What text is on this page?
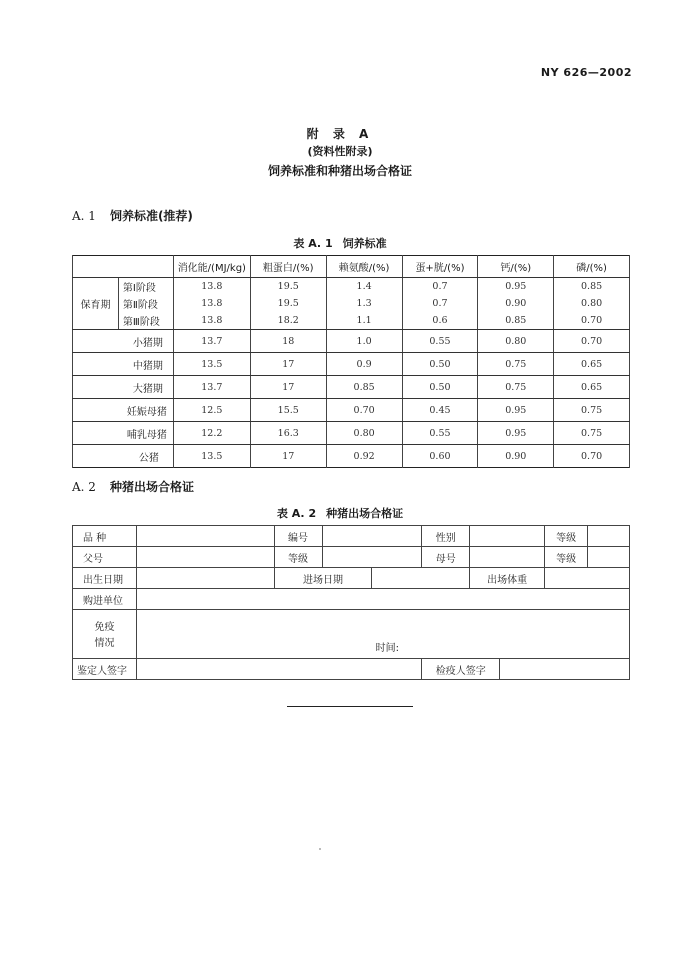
NY 626—2002
附 录 A
(资料性附录)
饲养标准和种猪出场合格证
A. 1 饲养标准(推荐)
表 A. 1 饲养标准
		消化能/(MJ/kg)	粗蛋白/(%)	赖氨酸/(%)	蛋+胱/(%)	钙/(%)	磷/(%)
保育期	第Ⅰ阶段	13.8	19.5	1.4	0.7	0.95	0.85
	第Ⅱ阶段	13.8	19.5	1.3	0.7	0.90	0.80
	第Ⅲ阶段	13.8	18.2	1.1	0.6	0.85	0.70
小猪期		13.7	18	1.0	0.55	0.80	0.70
中猪期		13.5	17	0.9	0.50	0.75	0.65
大猪期		13.7	17	0.85	0.50	0.75	0.65
妊娠母猪		12.5	15.5	0.70	0.45	0.95	0.75
哺乳母猪		12.2	16.3	0.80	0.55	0.95	0.75
公猪		13.5	17	0.92	0.60	0.90	0.70
A. 2 种猪出场合格证
表 A. 2 种猪出场合格证
品 种		编号		性别			等级	

父号		等级		母号			等级	

出生日期		进场日期		出场体重	
购进单位	

免疫
情况	时间:
鉴定人签字		检疫人签字	
